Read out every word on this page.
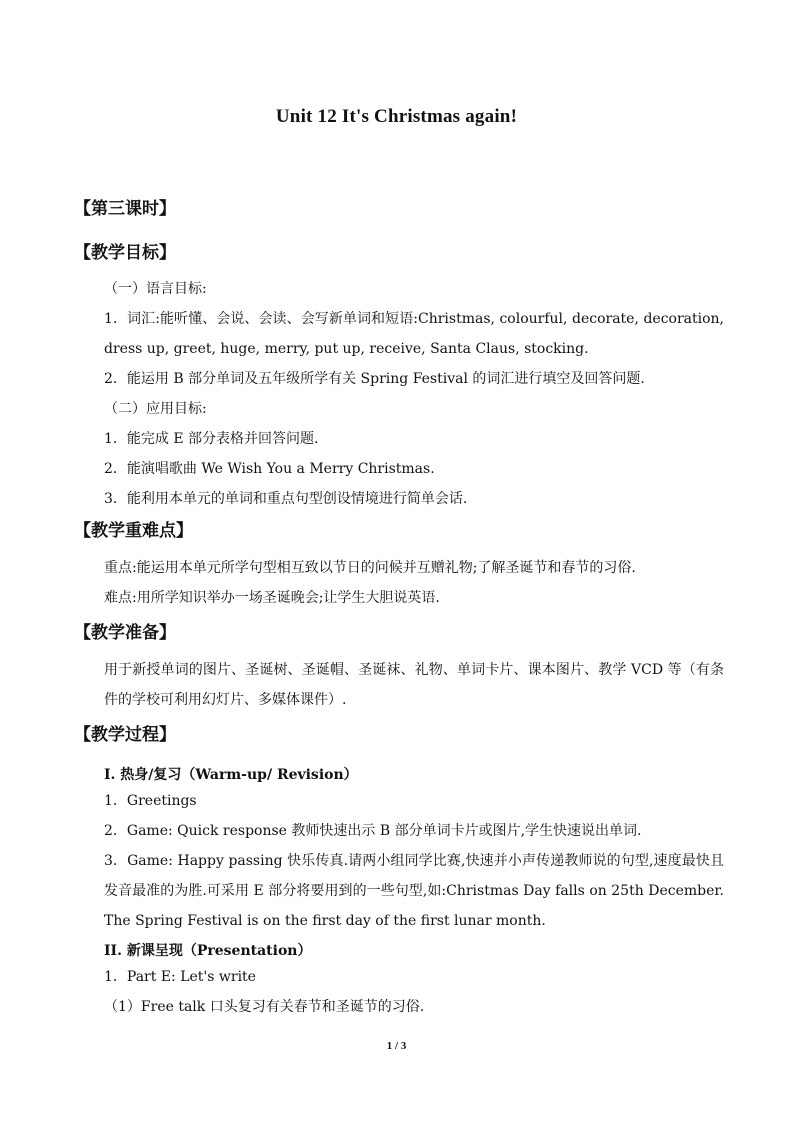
Unit 12 It's Christmas again!
【第三课时】
【教学目标】
（一）语言目标:
1．词汇:能听懂、会说、会读、会写新单词和短语:Christmas, colourful, decorate, decoration, dress up, greet, huge, merry, put up, receive, Santa Claus, stocking.
2．能运用 B 部分单词及五年级所学有关 Spring Festival 的词汇进行填空及回答问题.
（二）应用目标:
1．能完成 E 部分表格并回答问题.
2．能演唱歌曲 We Wish You a Merry Christmas.
3．能利用本单元的单词和重点句型创设情境进行简单会话.
【教学重难点】
重点:能运用本单元所学句型相互致以节日的问候并互赠礼物;了解圣诞节和春节的习俗.
难点:用所学知识举办一场圣诞晚会;让学生大胆说英语.
【教学准备】
用于新授单词的图片、圣诞树、圣诞帽、圣诞袜、礼物、单词卡片、课本图片、教学 VCD 等（有条件的学校可利用幻灯片、多媒体课件）.
【教学过程】
I. 热身/复习（Warm-up/ Revision）
1．Greetings
2．Game: Quick response 教师快速出示 B 部分单词卡片或图片,学生快速说出单词.
3．Game: Happy passing 快乐传真.请两小组同学比赛,快速并小声传递教师说的句型,速度最快且发音最准的为胜.可采用 E 部分将要用到的一些句型,如:Christmas Day falls on 25th December. The Spring Festival is on the first day of the first lunar month.
II. 新课呈现（Presentation）
1．Part E: Let's write
（1）Free talk 口头复习有关春节和圣诞节的习俗.
1 / 3
